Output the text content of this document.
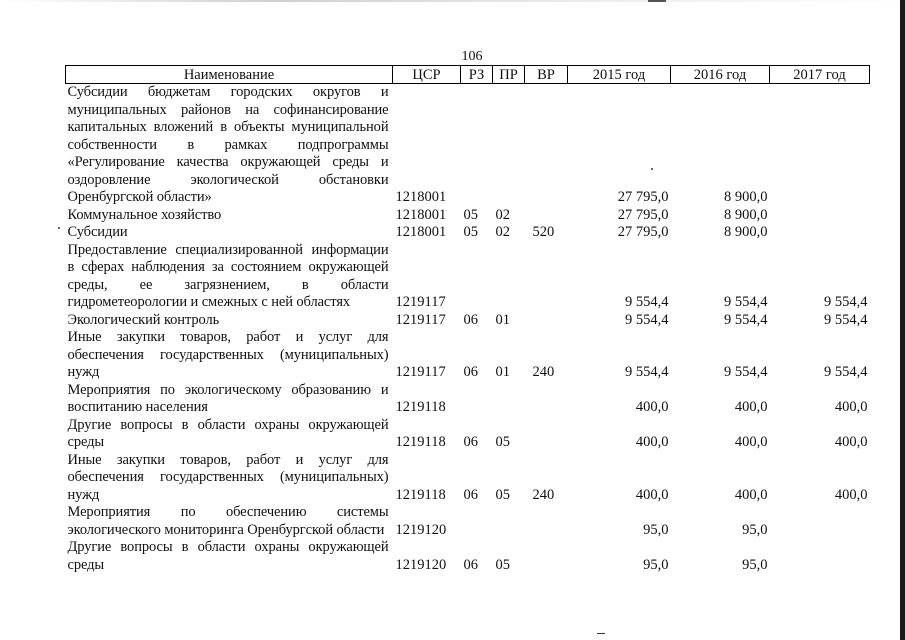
106
Наименование	ЦСР	РЗ	ПР	ВР	2015 год	2016 год	2017 год
Субсидии бюджетам городских округов и муниципальных районов на софинансирование капитальных вложений в объекты муниципальной собственности в рамках подпрограммы «Регулирование качества окружающей среды и оздоровление экологической обстановки Оренбургской области»	1218001				27 795,0	8 900,0	
Коммунальное хозяйство	1218001	05	02		27 795,0	8 900,0	
Субсидии	1218001	05	02	520	27 795,0	8 900,0	
Предоставление специализированной информации в сферах наблюдения за состоянием окружающей среды, ее загрязнением, в области гидрометеорологии и смежных с ней областях	1219117				9 554,4	9 554,4	9 554,4
Экологический контроль	1219117	06	01		9 554,4	9 554,4	9 554,4
Иные закупки товаров, работ и услуг для обеспечения государственных (муниципальных) нужд	1219117	06	01	240	9 554,4	9 554,4	9 554,4
Мероприятия по экологическому образованию и воспитанию населения	1219118				400,0	400,0	400,0
Другие вопросы в области охраны окружающей среды	1219118	06	05		400,0	400,0	400,0
Иные закупки товаров, работ и услуг для обеспечения государственных (муниципальных) нужд	1219118	06	05	240	400,0	400,0	400,0
Мероприятия по обеспечению системы экологического мониторинга Оренбургской области	1219120				95,0	95,0	
Другие вопросы в области охраны окружающей среды	1219120	06	05		95,0	95,0	
